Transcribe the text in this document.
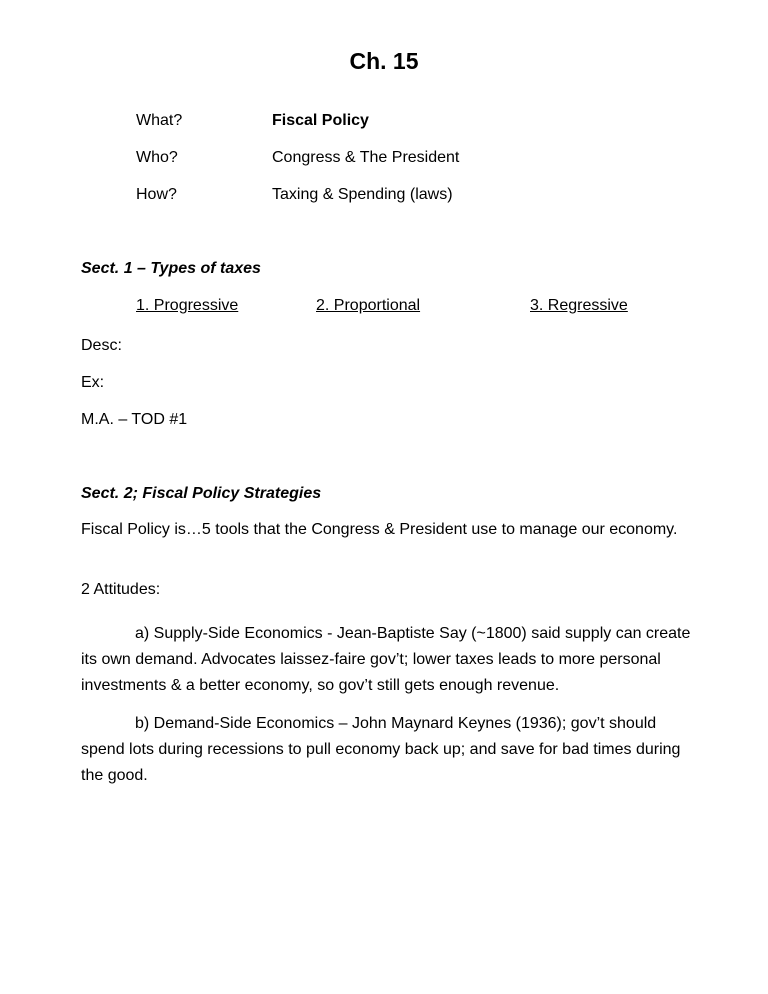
Ch. 15
What?	Fiscal Policy
Who?	Congress & The President
How?	Taxing & Spending (laws)
Sect. 1 – Types of taxes
1. Progressive	2. Proportional	3. Regressive
Desc:
Ex:
M.A. – TOD #1
Sect. 2; Fiscal Policy Strategies
Fiscal Policy is…5 tools that the Congress & President use to manage our economy.
2 Attitudes:
a) Supply-Side Economics - Jean-Baptiste Say (~1800) said supply can create its own demand. Advocates laissez-faire gov’t; lower taxes leads to more personal investments & a better economy, so gov’t still gets enough revenue.
b) Demand-Side Economics – John Maynard Keynes (1936); gov’t should spend lots during recessions to pull economy back up; and save for bad times during the good.
